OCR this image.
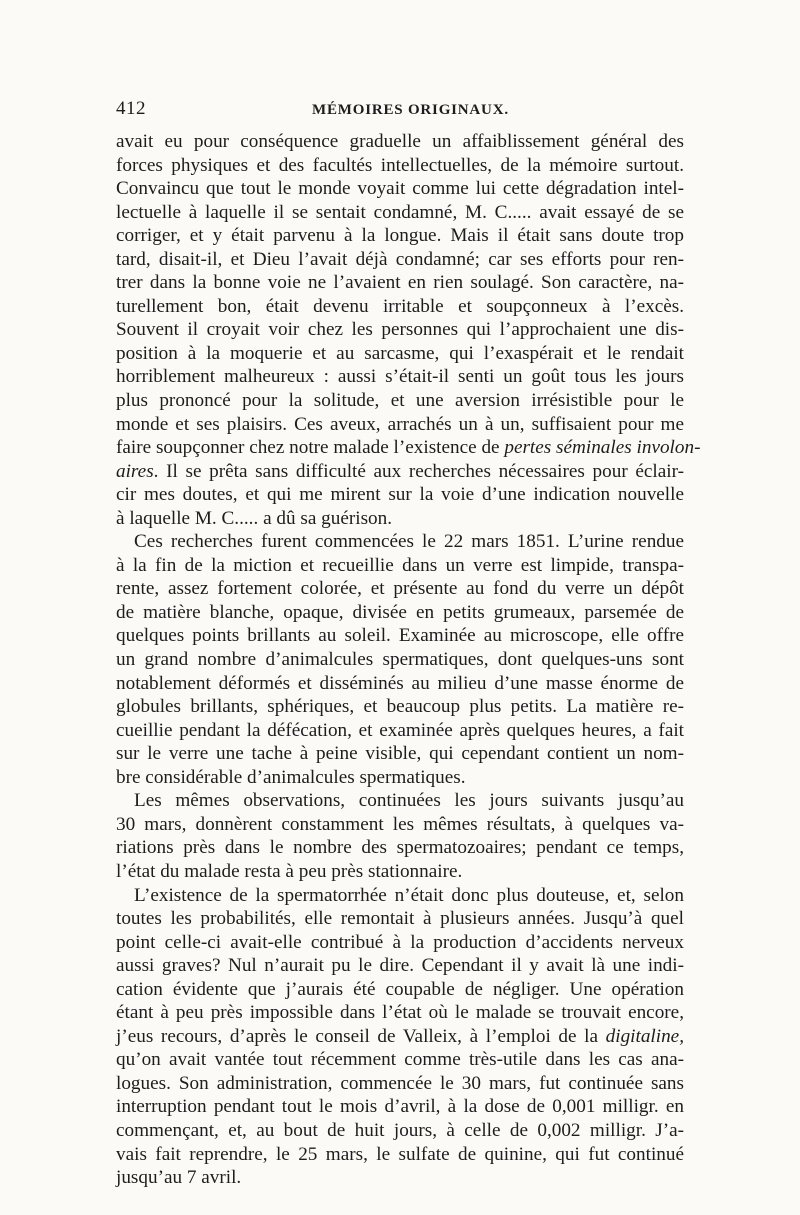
412	MÉMOIRES ORIGINAUX.
avait eu pour conséquence graduelle un affaiblissement général des
forces physiques et des facultés intellectuelles, de la mémoire surtout.
Convaincu que tout le monde voyait comme lui cette dégradation intel-
lectuelle à laquelle il se sentait condamné, M. C..... avait essayé de se
corriger, et y était parvenu à la longue. Mais il était sans doute trop
tard, disait-il, et Dieu l’avait déjà condamné; car ses efforts pour ren-
trer dans la bonne voie ne l’avaient en rien soulagé. Son caractère, na-
turellement bon, était devenu irritable et soupçonneux à l’excès.
Souvent il croyait voir chez les personnes qui l’approchaient une dis-
position à la moquerie et au sarcasme, qui l’exaspérait et le rendait
horriblement malheureux : aussi s’était-il senti un goût tous les jours
plus prononcé pour la solitude, et une aversion irrésistible pour le
monde et ses plaisirs. Ces aveux, arrachés un à un, suffisaient pour me
faire soupçonner chez notre malade l’existence de pertes séminales involon-
aires. Il se prêta sans difficulté aux recherches nécessaires pour éclair-
cir mes doutes, et qui me mirent sur la voie d’une indication nouvelle
à laquelle M. C..... a dû sa guérison.
Ces recherches furent commencées le 22 mars 1851. L’urine rendue
à la fin de la miction et recueillie dans un verre est limpide, transpa-
rente, assez fortement colorée, et présente au fond du verre un dépôt
de matière blanche, opaque, divisée en petits grumeaux, parsemée de
quelques points brillants au soleil. Examinée au microscope, elle offre
un grand nombre d’animalcules spermatiques, dont quelques-uns sont
notablement déformés et disséminés au milieu d’une masse énorme de
globules brillants, sphériques, et beaucoup plus petits. La matière re-
cueillie pendant la défécation, et examinée après quelques heures, a fait
sur le verre une tache à peine visible, qui cependant contient un nom-
bre considérable d’animalcules spermatiques.
Les mêmes observations, continuées les jours suivants jusqu’au
30 mars, donnèrent constamment les mêmes résultats, à quelques va-
riations près dans le nombre des spermatozoaires; pendant ce temps,
l’état du malade resta à peu près stationnaire.
L’existence de la spermatorrhée n’était donc plus douteuse, et, selon
toutes les probabilités, elle remontait à plusieurs années. Jusqu’à quel
point celle-ci avait-elle contribué à la production d’accidents nerveux
aussi graves? Nul n’aurait pu le dire. Cependant il y avait là une indi-
cation évidente que j’aurais été coupable de négliger. Une opération
étant à peu près impossible dans l’état où le malade se trouvait encore,
j’eus recours, d’après le conseil de Valleix, à l’emploi de la digitaline,
qu’on avait vantée tout récemment comme très-utile dans les cas ana-
logues. Son administration, commencée le 30 mars, fut continuée sans
interruption pendant tout le mois d’avril, à la dose de 0,001 milligr. en
commençant, et, au bout de huit jours, à celle de 0,002 milligr. J’a-
vais fait reprendre, le 25 mars, le sulfate de quinine, qui fut continué
jusqu’au 7 avril.
